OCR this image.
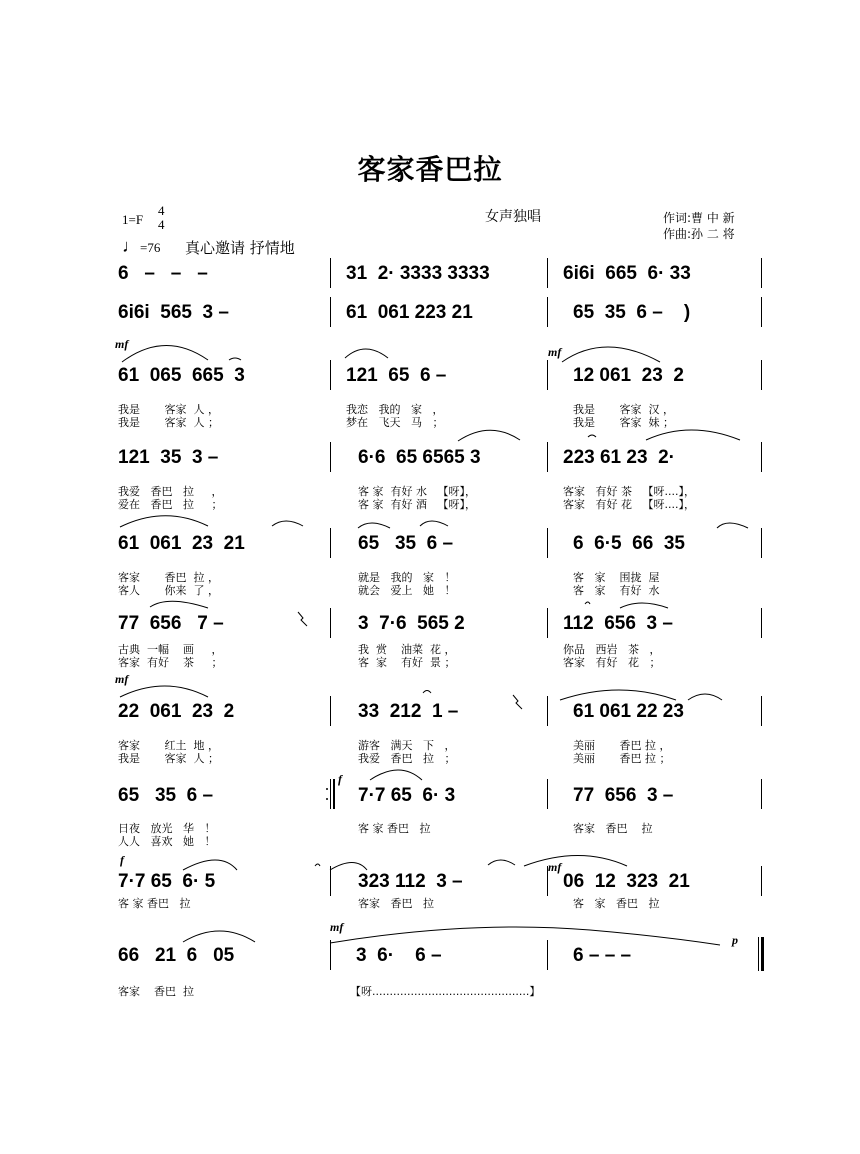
客家香巴拉
1=F
4
4
♩=76 真心邀请 抒情地
女声独唱	作词:曹 中 新
作曲:孙 二 将
6   –   –   –	31  2· 3333 3333	6i6i  665  6· 33
6i6i  565  3 –	61  061 223 21	65  35  6 –    )
mf
mf
61  065  665  3	121  65  6 –	12 061  23  2
我是       客家  人 ，
我是       客家  人 ；
我恋   我的   家   ，
梦在   飞天   马   ；
我是       客家  汉 ，
我是       客家  妹 ；
121  35  3 –	6·6  65 6565 3	223 61 23  2·
我爱   香巴   拉     ，
爱在   香巴   拉     ；
客 家  有好 水   【呀】，
客 家  有好 酒   【呀】，
客家   有好 茶   【呀....】，
客家   有好 花   【呀....】，
61  061  23  21	65   35  6 –	6  6·5  66  35
客家       香巴  拉 ，
客人       你来  了 ，
就是   我的   家   ！
就会   爱上   她   ！
客   家    围拢  屋
客   家    有好  水
77  656   7 –	3  7·6  565 2	112  656  3 –
古典  一幅    画     ，
客家  有好    茶     ；
我  赏    油菜  花 ，
客  家    有好  景 ；
你品   西岩   茶   ，
客家   有好   花   ；
mf
22  061  23  2	33  212  1 –	61 061 22 23
客家       红土  地 ，
我是       客家  人 ；
游客   满天   下   ，
我爱   香巴   拉   ；
美丽       香巴 拉 ，
美丽       香巴 拉 ；
65   35  6 –
f
7·7 65  6· 3	77  656  3 –
日夜   放光   华   ！
人人   喜欢   她   ！
客 家 香巴   拉	客家   香巴    拉
f	mf
7·7 65  6· 5	323 112  3 –	06  12  323  21
客 家 香巴   拉	客家   香巴   拉	客   家   香巴   拉
mf
p
66   21  6   05	3  6·    6 –	6 – – –
客家    香巴  拉	【呀.............................................】
